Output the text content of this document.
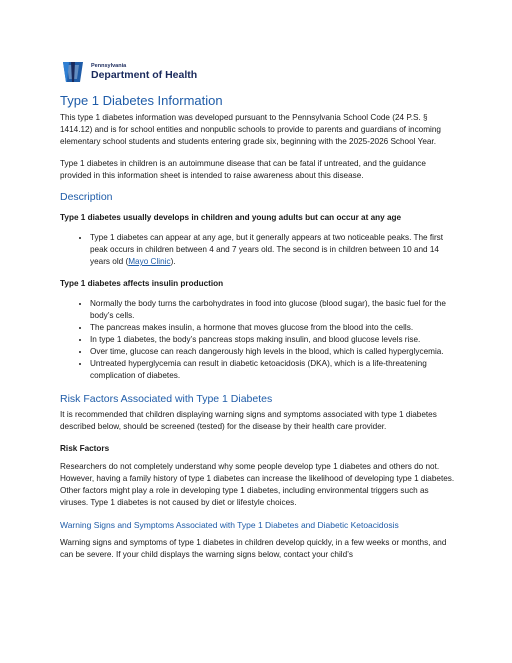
Pennsylvania
Department of Health
Type 1 Diabetes Information

This type 1 diabetes information was developed pursuant to the Pennsylvania School Code (24 P.S. § 1414.12) and is for school entities and nonpublic schools to provide to parents and guardians of incoming elementary school students and students entering grade six, beginning with the 2025-2026 School Year.

Type 1 diabetes in children is an autoimmune disease that can be fatal if untreated, and the guidance provided in this information sheet is intended to raise awareness about this disease.

Description

Type 1 diabetes usually develops in children and young adults but can occur at any age

• Type 1 diabetes can appear at any age, but it generally appears at two noticeable peaks. The first peak occurs in children between 4 and 7 years old. The second is in children between 10 and 14 years old (Mayo Clinic).

Type 1 diabetes affects insulin production

• Normally the body turns the carbohydrates in food into glucose (blood sugar), the basic fuel for the body’s cells.
• The pancreas makes insulin, a hormone that moves glucose from the blood into the cells.
• In type 1 diabetes, the body’s pancreas stops making insulin, and blood glucose levels rise.
• Over time, glucose can reach dangerously high levels in the blood, which is called hyperglycemia.
• Untreated hyperglycemia can result in diabetic ketoacidosis (DKA), which is a life-threatening complication of diabetes.
Risk Factors Associated with Type 1 Diabetes

It is recommended that children displaying warning signs and symptoms associated with type 1 diabetes described below, should be screened (tested) for the disease by their health care provider.

Risk Factors

Researchers do not completely understand why some people develop type 1 diabetes and others do not. However, having a family history of type 1 diabetes can increase the likelihood of developing type 1 diabetes. Other factors might play a role in developing type 1 diabetes, including environmental triggers such as viruses. Type 1 diabetes is not caused by diet or lifestyle choices.

Warning Signs and Symptoms Associated with Type 1 Diabetes and Diabetic Ketoacidosis

Warning signs and symptoms of type 1 diabetes in children develop quickly, in a few weeks or months, and can be severe. If your child displays the warning signs below, contact your child’s
